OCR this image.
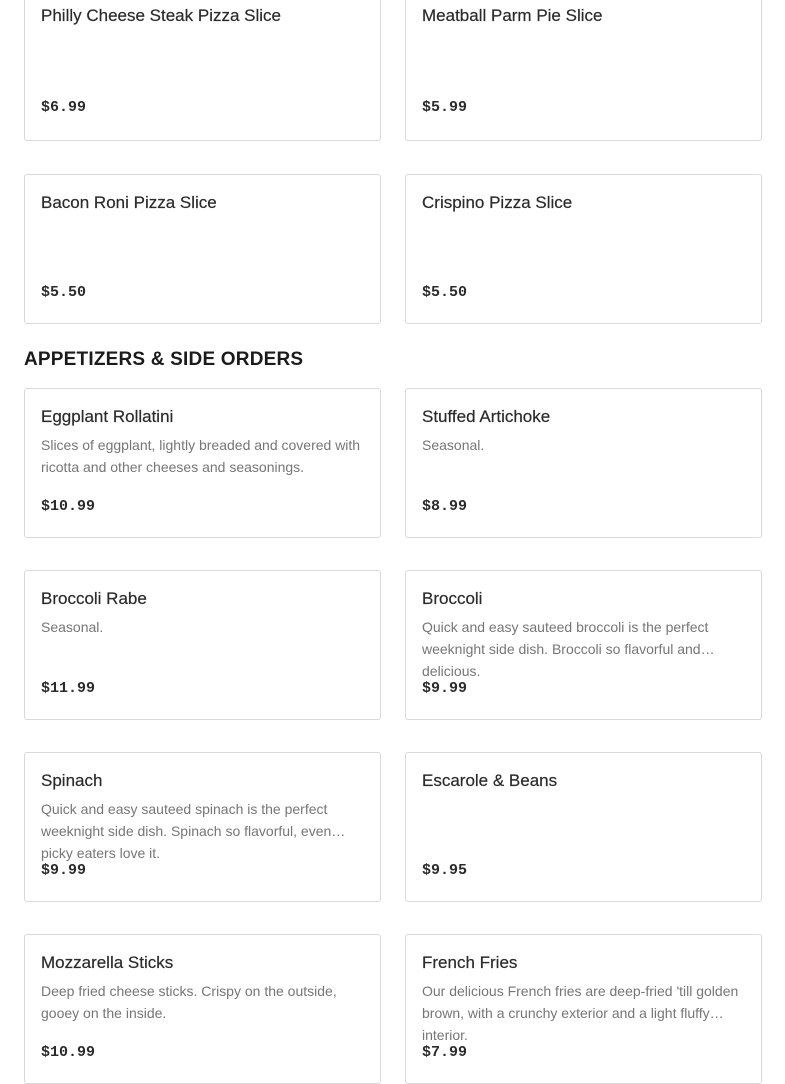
Philly Cheese Steak Pizza Slice
$6.99
Meatball Parm Pie Slice
$5.99
Bacon Roni Pizza Slice
$5.50
Crispino Pizza Slice
$5.50
APPETIZERS & SIDE ORDERS
Eggplant Rollatini
Slices of eggplant, lightly breaded and covered with ricotta and other cheeses and seasonings.
$10.99
Stuffed Artichoke
Seasonal.
$8.99
Broccoli Rabe
Seasonal.
$11.99
Broccoli
Quick and easy sauteed broccoli is the perfect weeknight side dish. Broccoli so flavorful and delicious.
$9.99
Spinach
Quick and easy sauteed spinach is the perfect weeknight side dish. Spinach so flavorful, even picky eaters love it.
$9.99
Escarole & Beans
$9.95
Mozzarella Sticks
Deep fried cheese sticks. Crispy on the outside, gooey on the inside.
$10.99
French Fries
Our delicious French fries are deep-fried 'till golden brown, with a crunchy exterior and a light fluffy interior.
$7.99
